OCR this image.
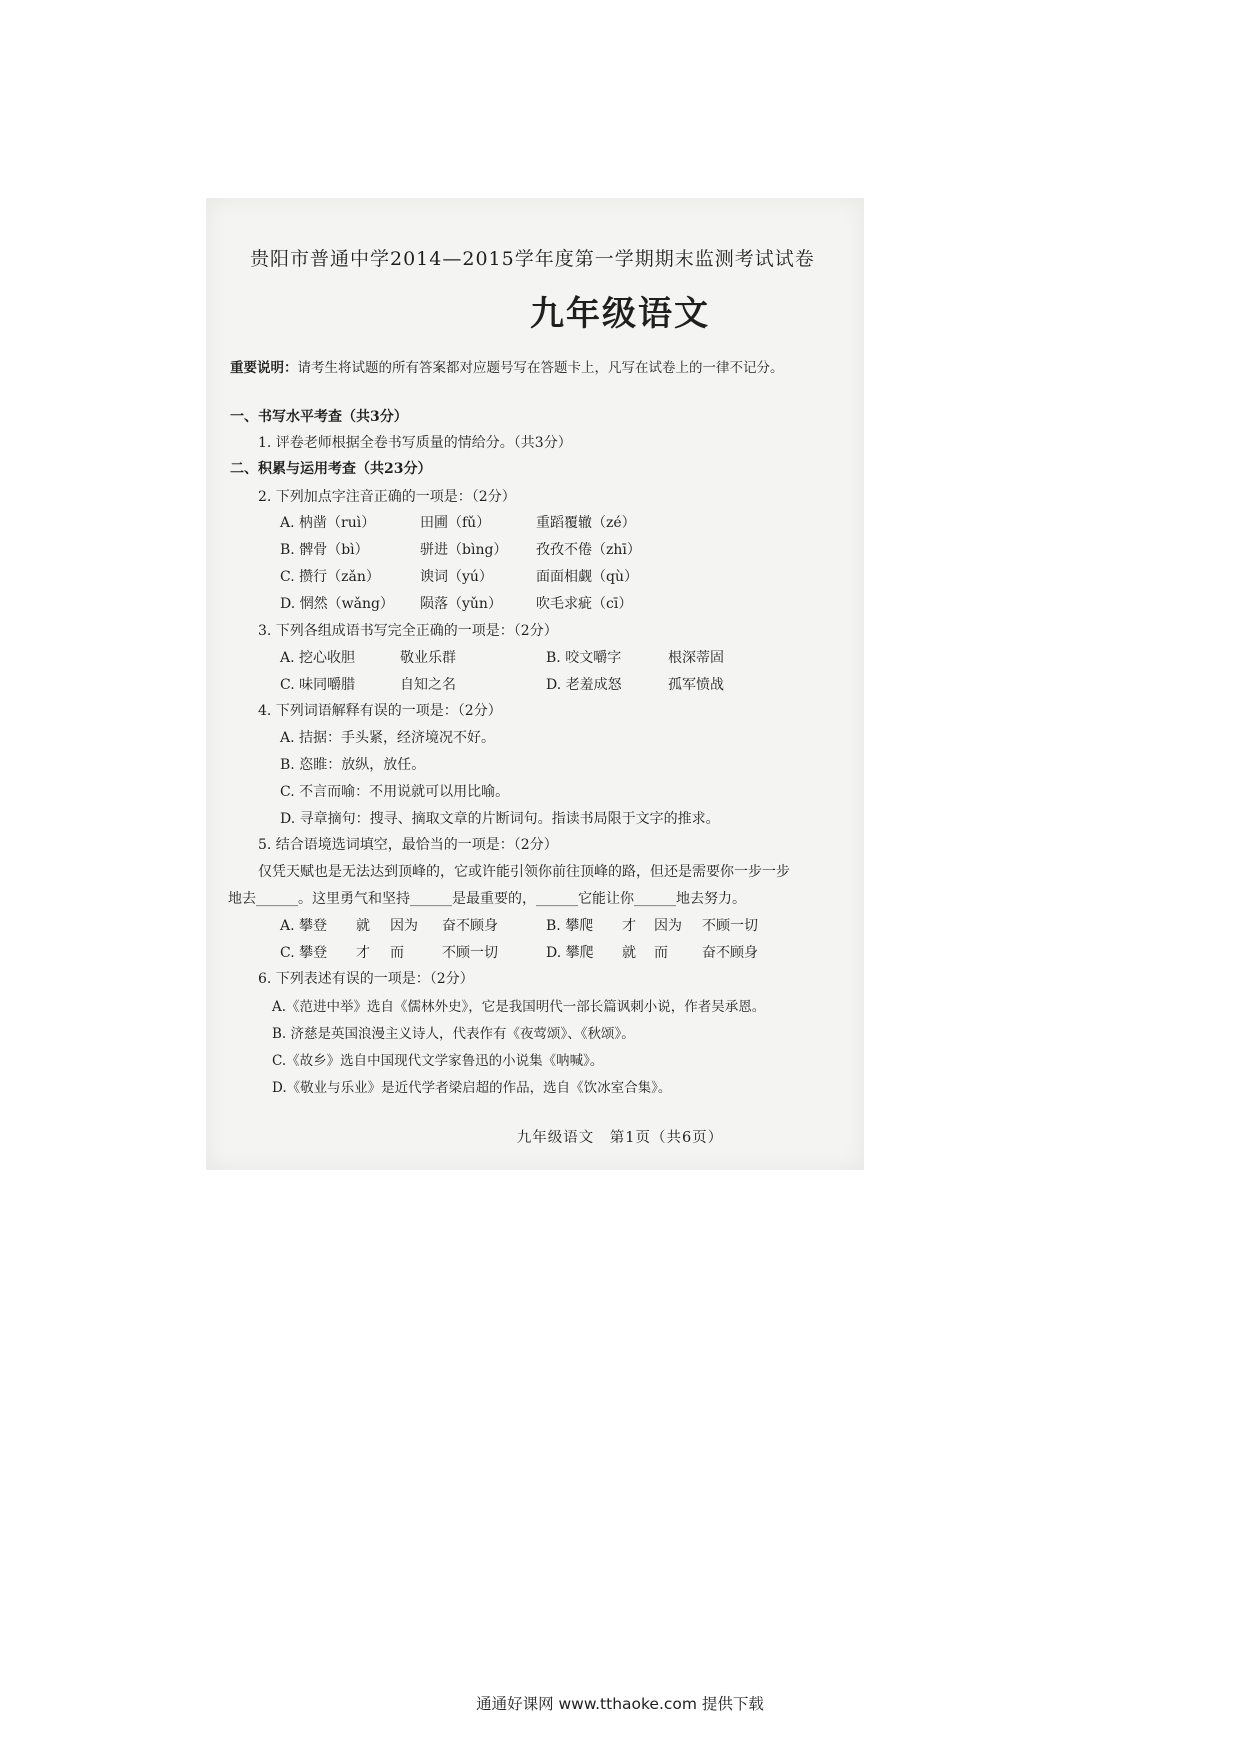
贵阳市普通中学2014—2015学年度第一学期期末监测考试试卷
九年级语文
重要说明：请考生将试题的所有答案都对应题号写在答题卡上，凡写在试卷上的一律不记分。
一、书写水平考查（共3分）
1. 评卷老师根据全卷书写质量的情给分。（共3分）
二、积累与运用考查（共23分）
2. 下列加点字注音正确的一项是：（2分）
A. 枘凿（ruì）	田圃（fǔ）	重蹈覆辙（zé）
B. 髀骨（bì）	骈进（bìng） 孜孜不倦（zhī）
C. 攒行（zǎn）	谀词（yú）	面面相觑（qù）
D. 惘然（wǎng） 陨落（yǔn） 吹毛求疵（cī）
3. 下列各组成语书写完全正确的一项是：（2分）
A. 挖心收胆	敬业乐群	B. 咬文嚼字	根深蒂固
C. 味同嚼腊	自知之名	D. 老羞成怒	孤军愤战
4. 下列词语解释有误的一项是：（2分）
A. 拮据：手头紧，经济境况不好。
B. 恣睢：放纵，放任。
C. 不言而喻：不用说就可以用比喻。
D. 寻章摘句：搜寻、摘取文章的片断词句。指读书局限于文字的推求。
5. 结合语境选词填空，最恰当的一项是：（2分）
仅凭天赋也是无法达到顶峰的，它或许能引领你前往顶峰的路，但还是需要你一步一步
地去______。这里勇气和坚持______是最重要的，______它能让你______地去努力。
A. 攀登 就 因为 奋不顾身	B. 攀爬 才 因为 不顾一切
C. 攀登 才 而	不顾一切	D. 攀爬 就 而 奋不顾身
6. 下列表述有误的一项是：（2分）
A.《范进中举》选自《儒林外史》，它是我国明代一部长篇讽刺小说，作者吴承恩。
B. 济慈是英国浪漫主义诗人，代表作有《夜莺颂》、《秋颂》。
C.《故乡》选自中国现代文学家鲁迅的小说集《呐喊》。
D.《敬业与乐业》是近代学者梁启超的作品，选自《饮冰室合集》。
九年级语文　第1页（共6页）
通通好课网 www.tthaoke.com 提供下载
